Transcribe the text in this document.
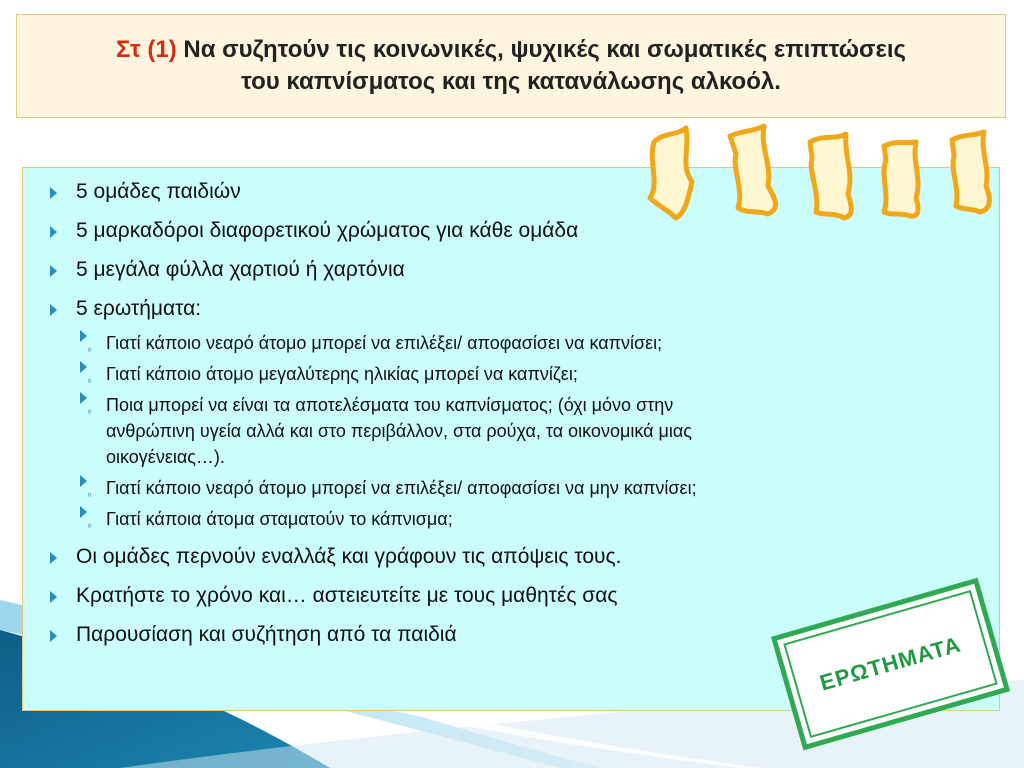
Στ (1) Να συζητούν τις κοινωνικές, ψυχικές και σωματικές επιπτώσεις
του καπνίσματος και της κατανάλωσης αλκοόλ.
5 ομάδες παιδιών
5 μαρκαδόροι διαφορετικού χρώματος για κάθε ομάδα
5 μεγάλα φύλλα χαρτιού ή χαρτόνια
5 ερωτήματα:
◦ Γιατί κάποιο νεαρό άτομο μπορεί να επιλέξει/ αποφασίσει να καπνίσει;
◦ Γιατί κάποιο άτομο μεγαλύτερης ηλικίας μπορεί να καπνίζει;
◦ Ποια μπορεί να είναι τα αποτελέσματα του καπνίσματος; (όχι μόνο στην
ανθρώπινη υγεία αλλά και στο περιβάλλον, στα ρούχα, τα οικονομικά μιας
οικογένειας…).
◦ Γιατί κάποιο νεαρό άτομο μπορεί να επιλέξει/ αποφασίσει να μην καπνίσει;
◦ Γιατί κάποια άτομα σταματούν το κάπνισμα;
Οι ομάδες περνούν εναλλάξ και γράφουν τις απόψεις τους.
Κρατήστε το χρόνο και… αστειευτείτε με τους μαθητές σας
Παρουσίαση και συζήτηση από τα παιδιά	ΕΡΩΤΗΜΑΤΑ
